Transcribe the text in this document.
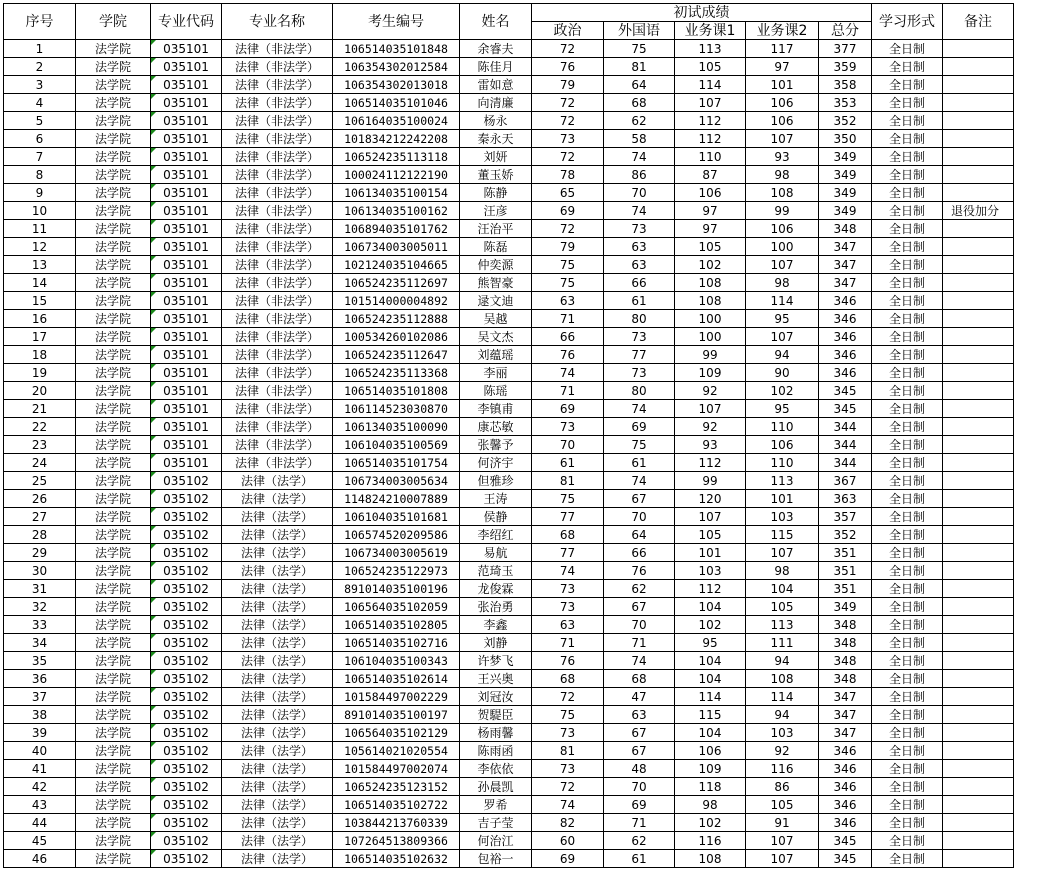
序号	学院	专业代码	专业名称	考生编号	姓名	初试成绩					学习形式	备注
						政治	外国语	业务课1	业务课2	总分		
1	法学院	035101	法律（非法学）	106514035101848	余睿夫	72	75	113	117	377	全日制	
2	法学院	035101	法律（非法学）	106354302012584	陈佳月	76	81	105	97	359	全日制	
3	法学院	035101	法律（非法学）	106354302013018	雷如意	79	64	114	101	358	全日制	
4	法学院	035101	法律（非法学）	106514035101046	向清廉	72	68	107	106	353	全日制	
5	法学院	035101	法律（非法学）	106164035100024	杨永	72	62	112	106	352	全日制	
6	法学院	035101	法律（非法学）	101834212242208	秦永天	73	58	112	107	350	全日制	
7	法学院	035101	法律（非法学）	106524235113118	刘妍	72	74	110	93	349	全日制	
8	法学院	035101	法律（非法学）	100024112122190	董玉娇	78	86	87	98	349	全日制	
9	法学院	035101	法律（非法学）	106134035100154	陈静	65	70	106	108	349	全日制	
10	法学院	035101	法律（非法学）	106134035100162	汪彦	69	74	97	99	349	全日制	退役加分
11	法学院	035101	法律（非法学）	106894035101762	汪治平	72	73	97	106	348	全日制	
12	法学院	035101	法律（非法学）	106734003005011	陈磊	79	63	105	100	347	全日制	
13	法学院	035101	法律（非法学）	102124035104665	仲奕源	75	63	102	107	347	全日制	
14	法学院	035101	法律（非法学）	106524235112697	熊智豪	75	66	108	98	347	全日制	
15	法学院	035101	法律（非法学）	101514000004892	逯文迪	63	61	108	114	346	全日制	
16	法学院	035101	法律（非法学）	106524235112888	吴越	71	80	100	95	346	全日制	
17	法学院	035101	法律（非法学）	100534260102086	吴文杰	66	73	100	107	346	全日制	
18	法学院	035101	法律（非法学）	106524235112647	刘蕴瑶	76	77	99	94	346	全日制	
19	法学院	035101	法律（非法学）	106524235113368	李丽	74	73	109	90	346	全日制	
20	法学院	035101	法律（非法学）	106514035101808	陈瑶	71	80	92	102	345	全日制	
21	法学院	035101	法律（非法学）	106114523030870	李镇甫	69	74	107	95	345	全日制	
22	法学院	035101	法律（非法学）	106134035100090	康芯敏	73	69	92	110	344	全日制	
23	法学院	035101	法律（非法学）	106104035100569	张馨予	70	75	93	106	344	全日制	
24	法学院	035101	法律（非法学）	106514035101754	何济宇	61	61	112	110	344	全日制	
25	法学院	035102	法律（法学）	106734003005634	但雅珍	81	74	99	113	367	全日制	
26	法学院	035102	法律（法学）	114824210007889	王涛	75	67	120	101	363	全日制	
27	法学院	035102	法律（法学）	106104035101681	侯静	77	70	107	103	357	全日制	
28	法学院	035102	法律（法学）	106574520209586	李绍红	68	64	105	115	352	全日制	
29	法学院	035102	法律（法学）	106734003005619	易航	77	66	101	107	351	全日制	
30	法学院	035102	法律（法学）	106524235122973	范琦玉	74	76	103	98	351	全日制	
31	法学院	035102	法律（法学）	891014035100196	龙俊霖	73	62	112	104	351	全日制	
32	法学院	035102	法律（法学）	106564035102059	张治勇	73	67	104	105	349	全日制	
33	法学院	035102	法律（法学）	106514035102805	李鑫	63	70	102	113	348	全日制	
34	法学院	035102	法律（法学）	106514035102716	刘静	71	71	95	111	348	全日制	
35	法学院	035102	法律（法学）	106104035100343	许梦飞	76	74	104	94	348	全日制	
36	法学院	035102	法律（法学）	106514035102614	王兴奥	68	68	104	108	348	全日制	
37	法学院	035102	法律（法学）	101584497002229	刘冠汝	72	47	114	114	347	全日制	
38	法学院	035102	法律（法学）	891014035100197	贺騠臣	75	63	115	94	347	全日制	
39	法学院	035102	法律（法学）	106564035102129	杨雨馨	73	67	104	103	347	全日制	
40	法学院	035102	法律（法学）	105614021020554	陈雨函	81	67	106	92	346	全日制	
41	法学院	035102	法律（法学）	101584497002074	李依依	73	48	109	116	346	全日制	
42	法学院	035102	法律（法学）	106524235123152	孙晨凯	72	70	118	86	346	全日制	
43	法学院	035102	法律（法学）	106514035102722	罗希	74	69	98	105	346	全日制	
44	法学院	035102	法律（法学）	103844213760339	吉子莹	82	71	102	91	346	全日制	
45	法学院	035102	法律（法学）	107264513809366	何治江	60	62	116	107	345	全日制	
46	法学院	035102	法律（法学）	106514035102632	包裕一	69	61	108	107	345	全日制	
